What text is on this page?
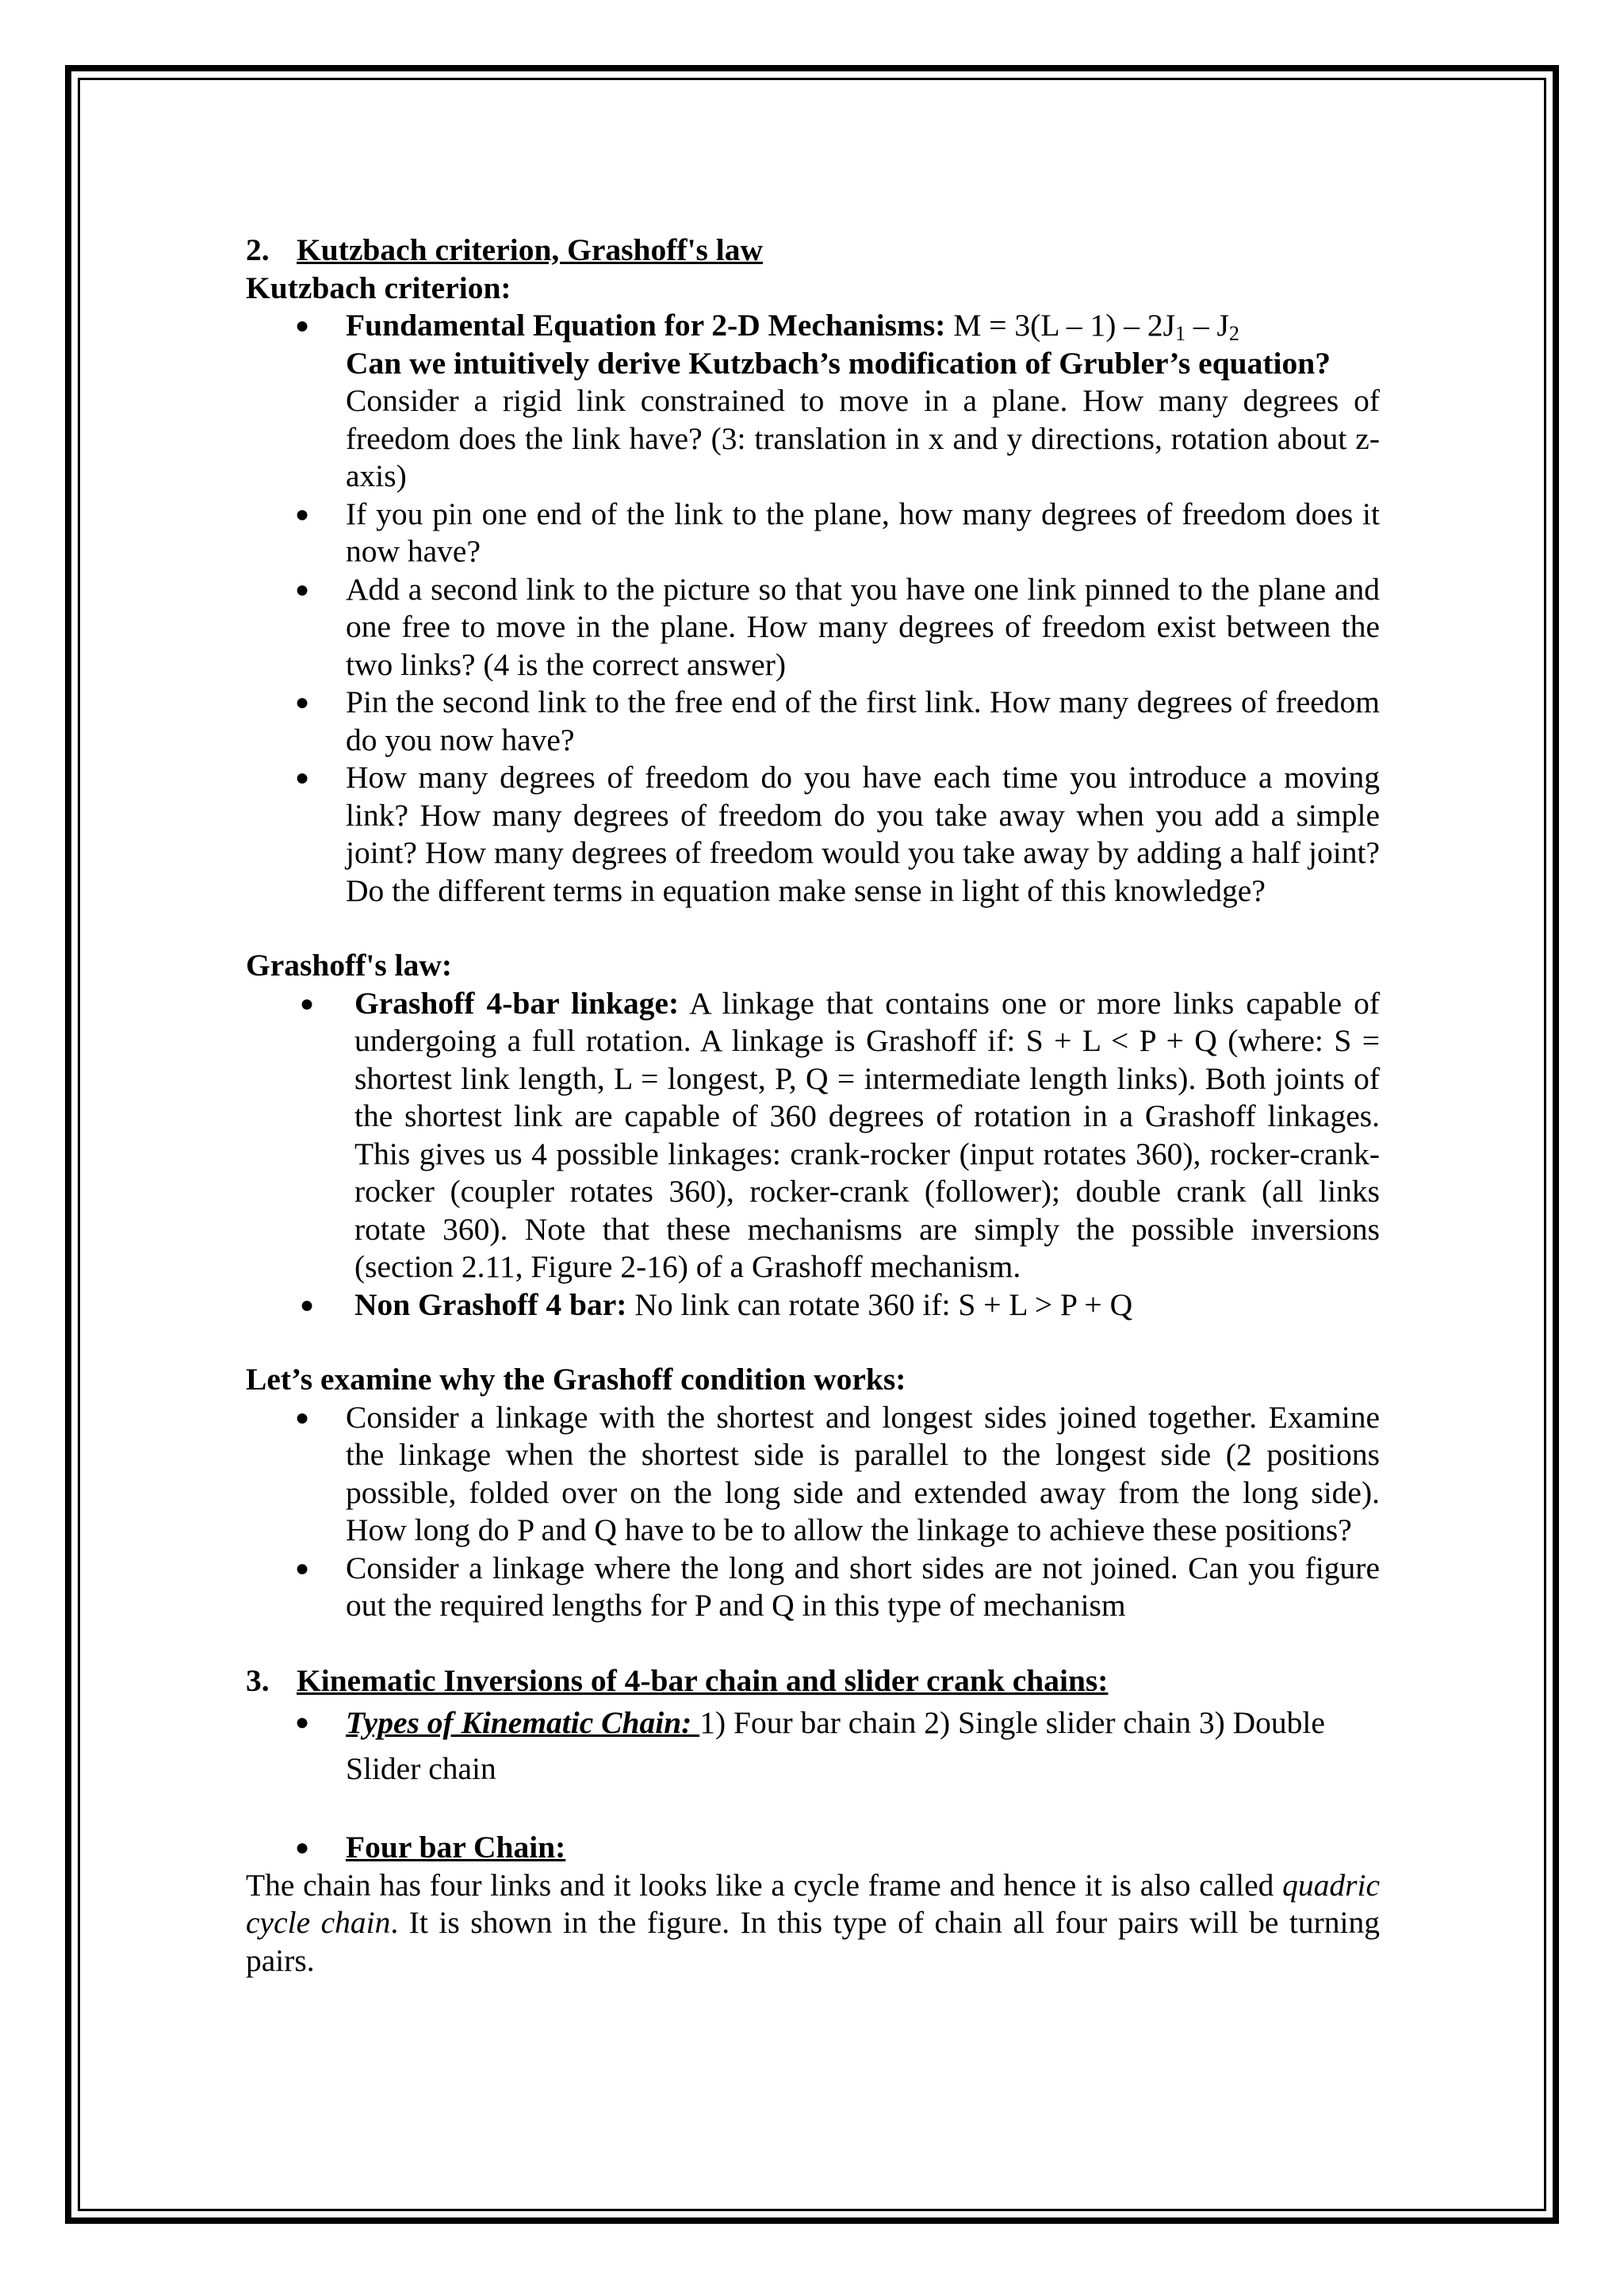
2. Kutzbach criterion, Grashoff's law
Kutzbach criterion:
● Fundamental Equation for 2-D Mechanisms: $M = 3(L - 1) - 2J_1 - J_2$
Can we intuitively derive Kutzbach’s modification of Grubler’s equation?
Consider a rigid link constrained to move in a plane. How many degrees of freedom does the link have? (3: translation in x and y directions, rotation about z-axis)
● If you pin one end of the link to the plane, how many degrees of freedom does it now have?
● Add a second link to the picture so that you have one link pinned to the plane and one free to move in the plane. How many degrees of freedom exist between the two links? (4 is the correct answer)
● Pin the second link to the free end of the first link. How many degrees of freedom do you now have?
● How many degrees of freedom do you have each time you introduce a moving link? How many degrees of freedom do you take away when you add a simple joint? How many degrees of freedom would you take away by adding a half joint? Do the different terms in equation make sense in light of this knowledge?
Grashoff's law:
● Grashoff 4-bar linkage: A linkage that contains one or more links capable of undergoing a full rotation. A linkage is Grashoff if: S + L < P + Q (where: S = shortest link length, L = longest, P, Q = intermediate length links). Both joints of the shortest link are capable of 360 degrees of rotation in a Grashoff linkages. This gives us 4 possible linkages: crank-rocker (input rotates 360), rocker-crank-rocker (coupler rotates 360), rocker-crank (follower); double crank (all links rotate 360). Note that these mechanisms are simply the possible inversions (section 2.11, Figure 2-16) of a Grashoff mechanism.
● Non Grashoff 4 bar: No link can rotate 360 if: S + L > P + Q
Let’s examine why the Grashoff condition works:
● Consider a linkage with the shortest and longest sides joined together. Examine the linkage when the shortest side is parallel to the longest side (2 positions possible, folded over on the long side and extended away from the long side). How long do P and Q have to be to allow the linkage to achieve these positions?
● Consider a linkage where the long and short sides are not joined. Can you figure out the required lengths for P and Q in this type of mechanism
3. Kinematic Inversions of 4-bar chain and slider crank chains:
● Types of Kinematic Chain: 1) Four bar chain 2) Single slider chain 3) Double Slider chain
● Four bar Chain:
The chain has four links and it looks like a cycle frame and hence it is also called quadric cycle chain. It is shown in the figure. In this type of chain all four pairs will be turning pairs.
